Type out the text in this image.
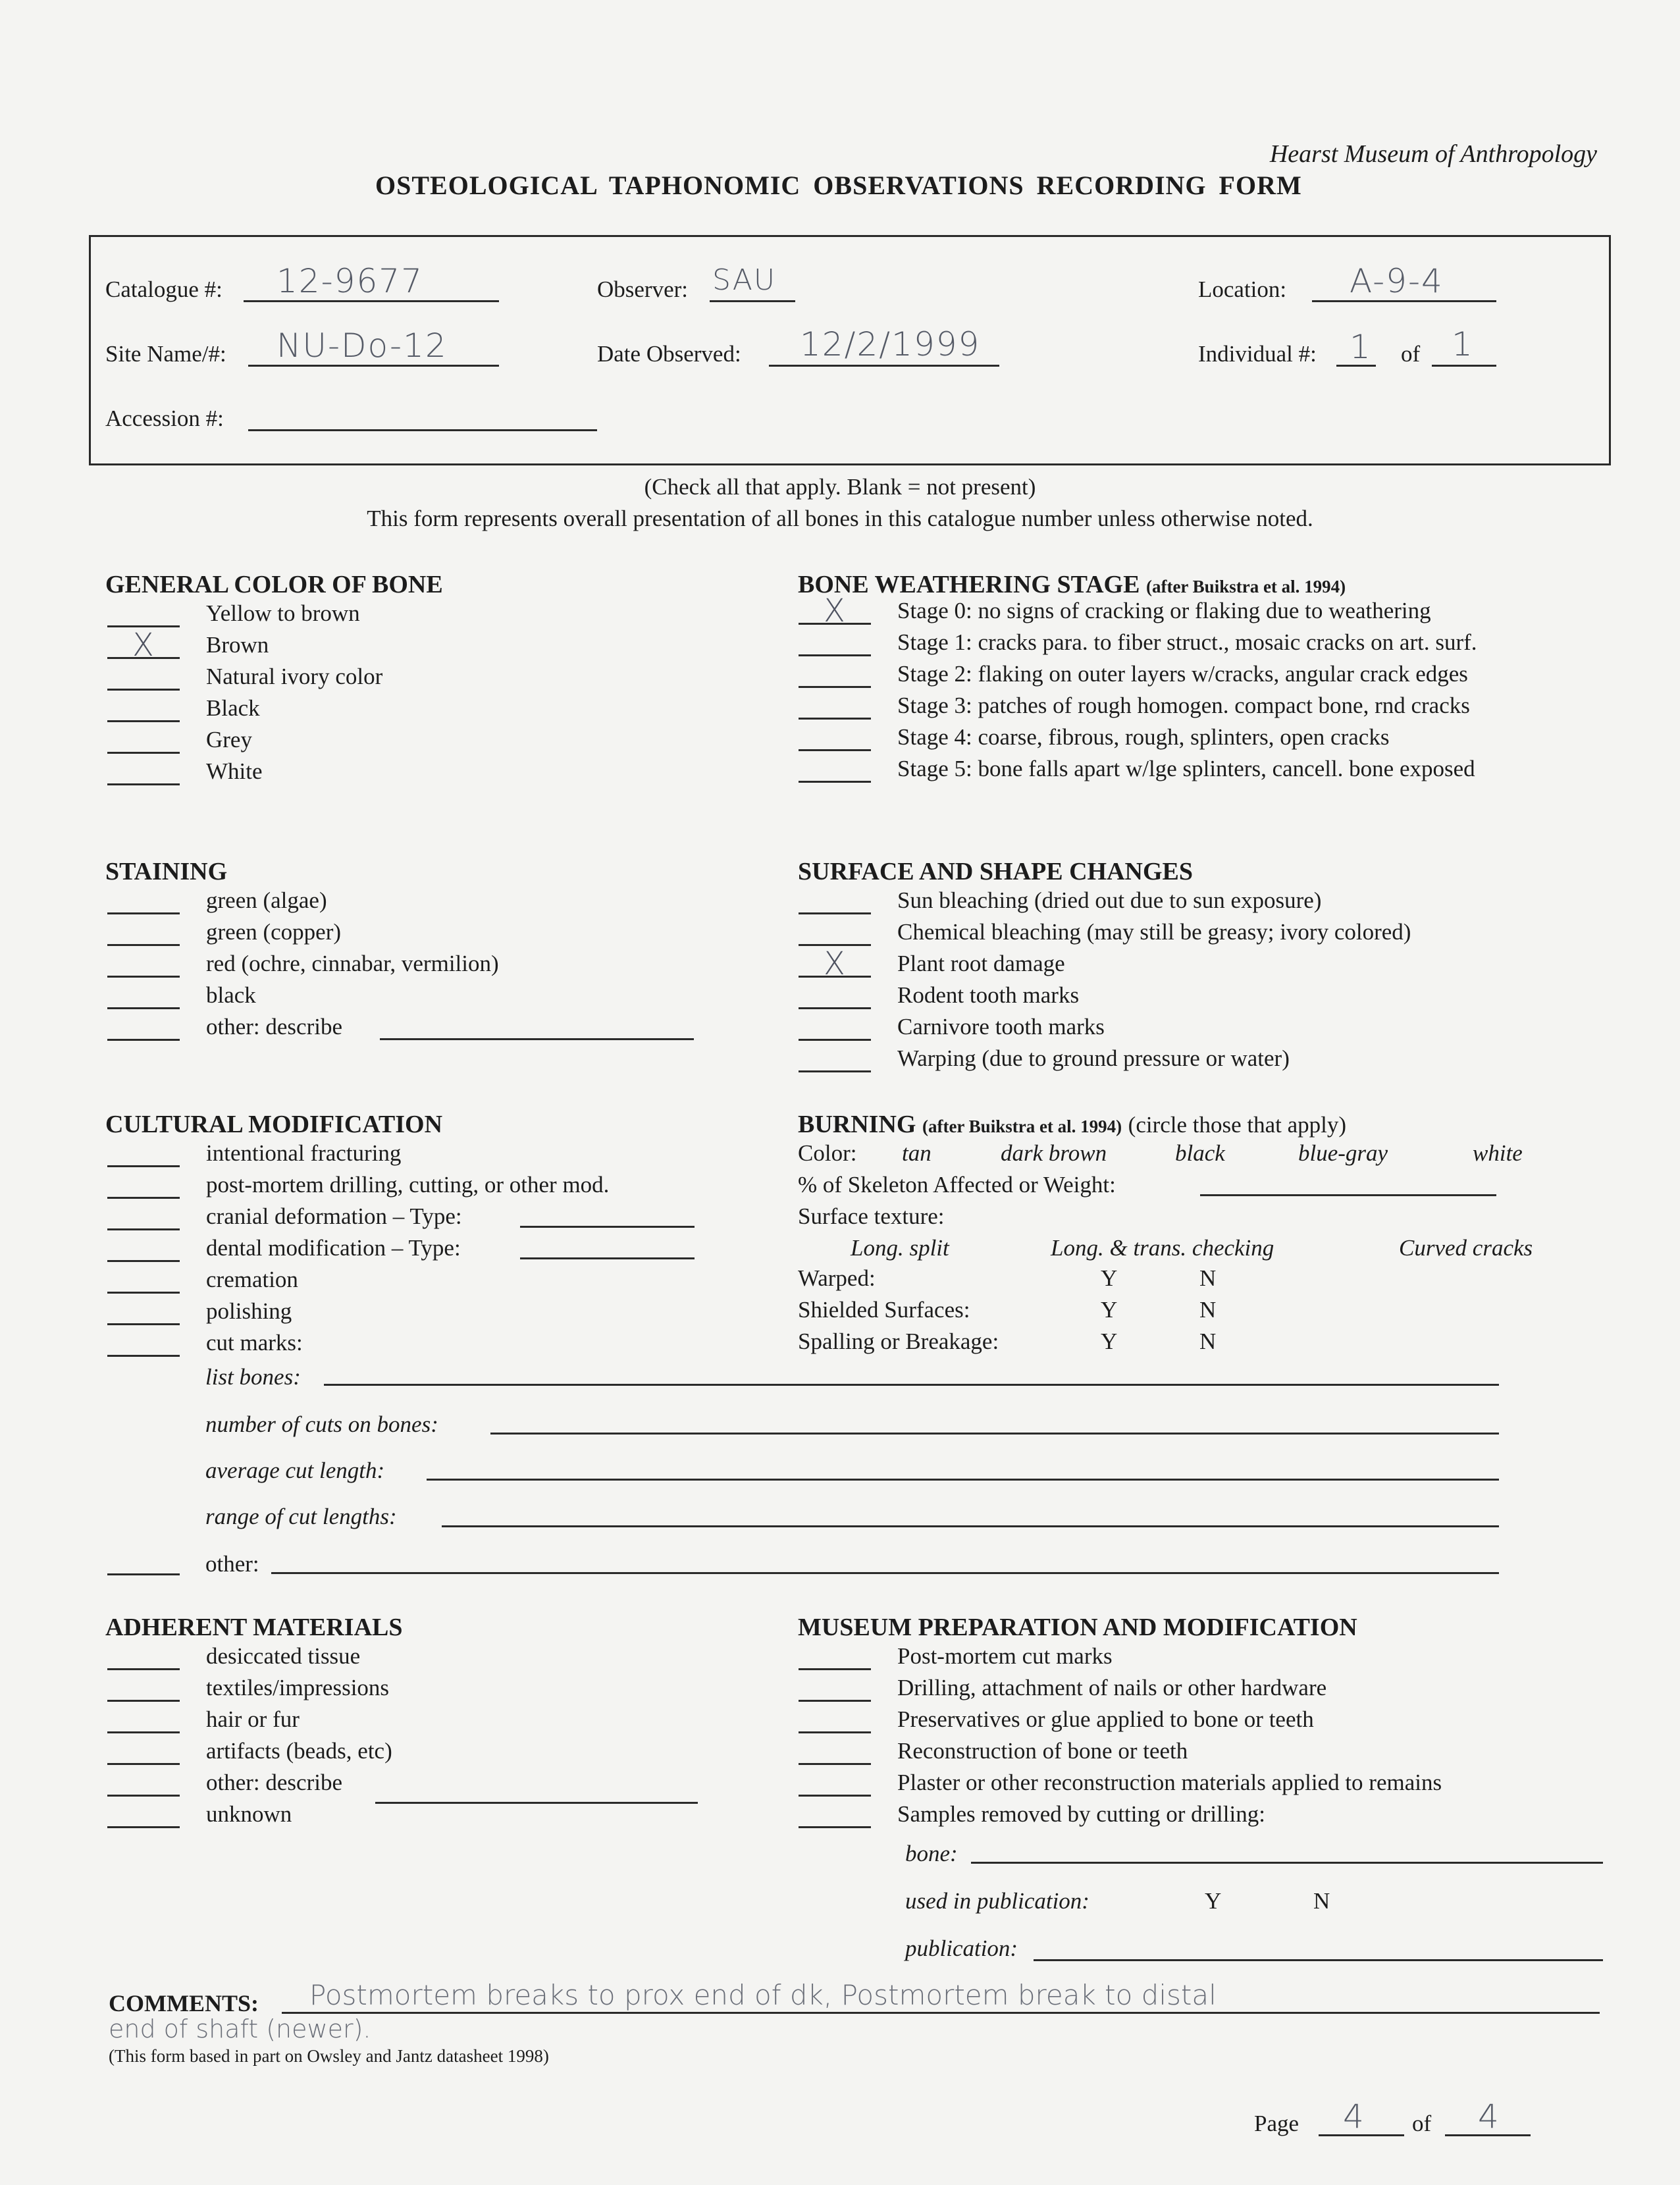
Hearst Museum of Anthropology
OSTEOLOGICAL TAPHONOMIC OBSERVATIONS RECORDING FORM
Catalogue #: 12-9677	Observer: SAU	Location: A-9-4
Site Name/#: NU-Do-12	Date Observed: 12/2/1999	Individual #: 1 of 1
Accession #:
(Check all that apply. Blank = not present)
This form represents overall presentation of all bones in this catalogue number unless otherwise noted.
GENERAL COLOR OF BONE
Yellow to brown
X Brown
Natural ivory color
Black
Grey
White
BONE WEATHERING STAGE (after Buikstra et al. 1994)
X Stage 0: no signs of cracking or flaking due to weathering
Stage 1: cracks para. to fiber struct., mosaic cracks on art. surf.
Stage 2: flaking on outer layers w/cracks, angular crack edges
Stage 3: patches of rough homogen. compact bone, rnd cracks
Stage 4: coarse, fibrous, rough, splinters, open cracks
Stage 5: bone falls apart w/lge splinters, cancell. bone exposed
STAINING
green (algae)
green (copper)
red (ochre, cinnabar, vermilion)
black
other: describe
SURFACE AND SHAPE CHANGES
Sun bleaching (dried out due to sun exposure)
Chemical bleaching (may still be greasy; ivory colored)
X Plant root damage
Rodent tooth marks
Carnivore tooth marks
Warping (due to ground pressure or water)
CULTURAL MODIFICATION
intentional fracturing
post-mortem drilling, cutting, or other mod.
cranial deformation – Type:
dental modification – Type:
cremation
polishing
cut marks:
list bones:
number of cuts on bones:
average cut length:
range of cut lengths:
other:
BURNING (after Buikstra et al. 1994) (circle those that apply)
Color: tan	dark brown	black	blue-gray	white
% of Skeleton Affected or Weight:
Surface texture:
Long. split	Long. & trans. checking	Curved cracks
Warped:	Y	N
Shielded Surfaces:	Y	N
Spalling or Breakage:	Y	N
ADHERENT MATERIALS
desiccated tissue
textiles/impressions
hair or fur
artifacts (beads, etc)
other: describe
unknown
MUSEUM PREPARATION AND MODIFICATION
Post-mortem cut marks
Drilling, attachment of nails or other hardware
Preservatives or glue applied to bone or teeth
Reconstruction of bone or teeth
Plaster or other reconstruction materials applied to remains
Samples removed by cutting or drilling:
bone:
used in publication:	Y	N
publication:
COMMENTS: Postmortem breaks to prox end of dk, Postmortem break to distal
end of shaft (newer).
(This form based in part on Owsley and Jantz datasheet 1998)
Page 4 of 4
